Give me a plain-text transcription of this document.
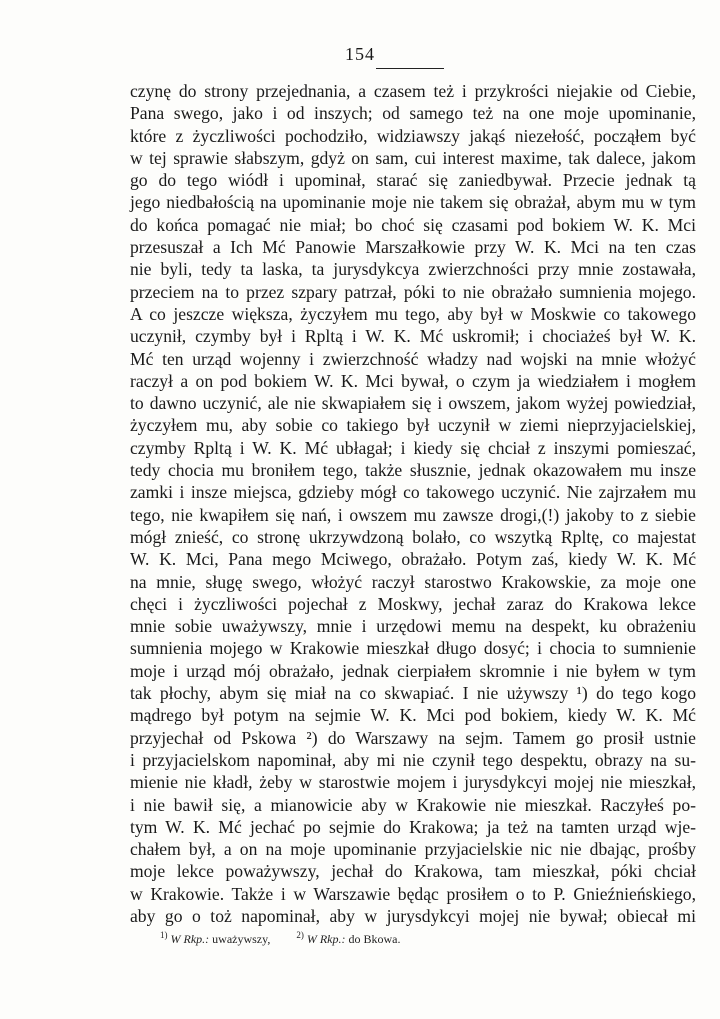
154
czynę do strony przejednania, a czasem też i przykrości niejakie od Ciebie,
Pana swego, jako i od inszych; od samego też na one moje upominanie,
które z życzliwości pochodziło, widziawszy jakąś niezełość, począłem być
w tej sprawie słabszym, gdyż on sam, cui interest maxime, tak dalece, jakom
go do tego wiódł i upominał, starać się zaniedbywał. Przecie jednak tą
jego niedbałością na upominanie moje nie takem się obrażał, abym mu w tym
do końca pomagać nie miał; bo choć się czasami pod bokiem W. K. Mci
przesuszał a Ich Mć Panowie Marszałkowie przy W. K. Mci na ten czas
nie byli, tedy ta laska, ta jurysdykcya zwierzchności przy mnie zostawała,
przeciem na to przez szpary patrzał, póki to nie obrażało sumnienia mojego.
A co jeszcze większa, życzyłem mu tego, aby był w Moskwie co takowego
uczynił, czymby był i Rpltą i W. K. Mć uskromił; i chociażeś był W. K.
Mć ten urząd wojenny i zwierzchność władzy nad wojski na mnie włożyć
raczył a on pod bokiem W. K. Mci bywał, o czym ja wiedziałem i mogłem
to dawno uczynić, ale nie skwapiałem się i owszem, jakom wyżej powiedział,
życzyłem mu, aby sobie co takiego był uczynił w ziemi nieprzyjacielskiej,
czymby Rpltą i W. K. Mć ubłagał; i kiedy się chciał z inszymi pomieszać,
tedy chocia mu broniłem tego, także słusznie, jednak okazowałem mu insze
zamki i insze miejsca, gdzieby mógł co takowego uczynić. Nie zajrzałem mu
tego, nie kwapiłem się nań, i owszem mu zawsze drogi,(!) jakoby to z siebie
mógł znieść, co stronę ukrzywdzoną bolało, co wszytką Rpltę, co majestat
W. K. Mci, Pana mego Mciwego, obrażało. Potym zaś, kiedy W. K. Mć
na mnie, sługę swego, włożyć raczył starostwo Krakowskie, za moje one
chęci i życzliwości pojechał z Moskwy, jechał zaraz do Krakowa lekce
mnie sobie uważywszy, mnie i urzędowi memu na despekt, ku obrażeniu
sumnienia mojego w Krakowie mieszkał długo dosyć; i chocia to sumnienie
moje i urząd mój obrażało, jednak cierpiałem skromnie i nie byłem w tym
tak płochy, abym się miał na co skwapiać. I nie używszy ¹) do tego kogo
mądrego był potym na sejmie W. K. Mci pod bokiem, kiedy W. K. Mć
przyjechał od Pskowa ²) do Warszawy na sejm. Tamem go prosił ustnie
i przyjacielskom napominał, aby mi nie czynił tego despektu, obrazy na su-
mienie nie kładł, żeby w starostwie mojem i jurysdykcyi mojej nie mieszkał,
i nie bawił się, a mianowicie aby w Krakowie nie mieszkał. Raczyłeś po-
tym W. K. Mć jechać po sejmie do Krakowa; ja też na tamten urząd wje-
chałem był, a on na moje upominanie przyjacielskie nic nie dbając, prośby
moje lekce poważywszy, jechał do Krakowa, tam mieszkał, póki chciał
w Krakowie. Także i w Warszawie będąc prosiłem o to P. Gnieźnieńskiego,
aby go o toż napominał, aby w jurysdykcyi mojej nie bywał; obiecał mi
$^{1)}$ W Rkp.: uważywszy,	$^{2)}$ W Rkp.: do Bkowa.
